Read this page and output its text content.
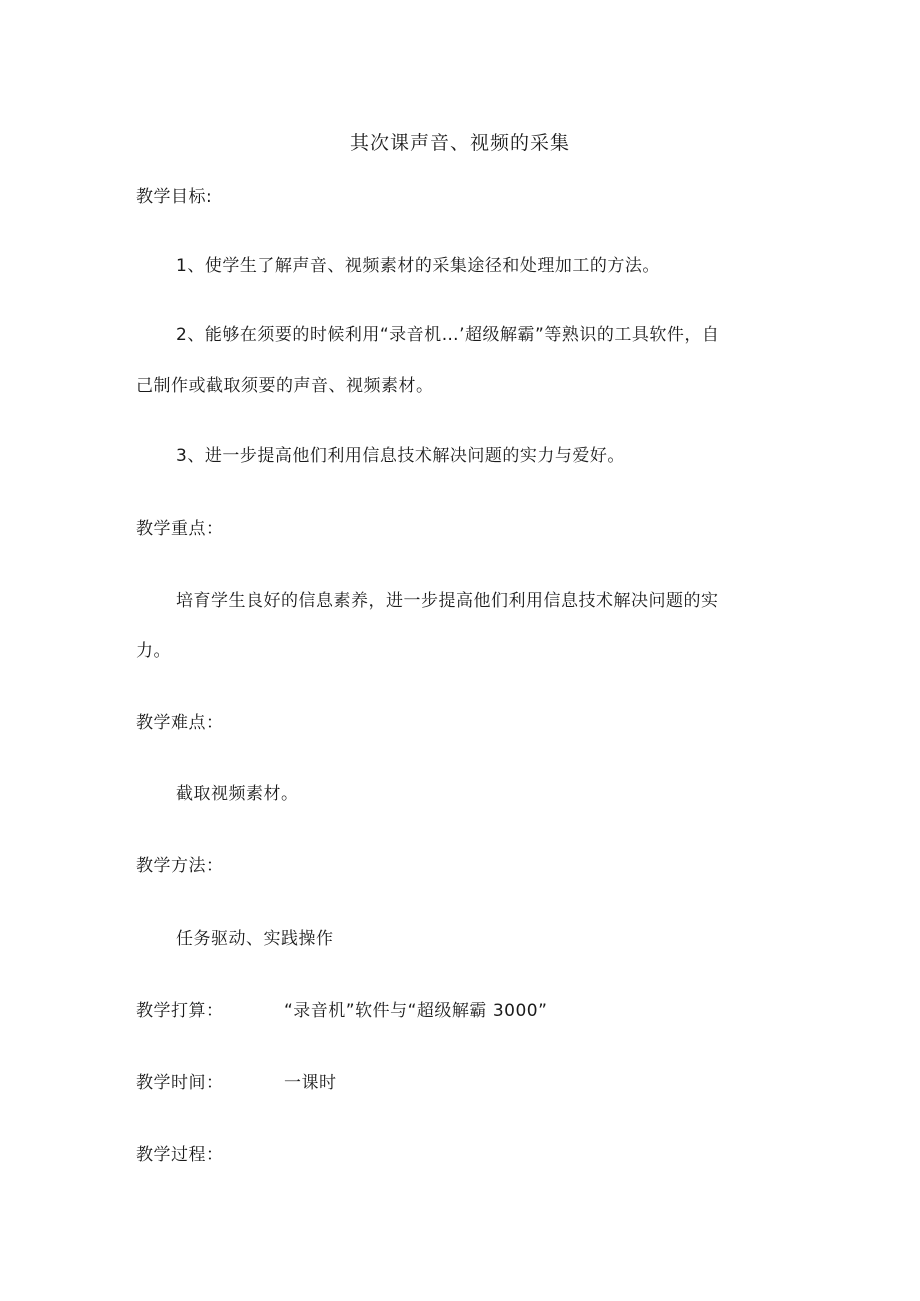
其次课声音、视频的采集
教学目标:
1、使学生了解声音、视频素材的采集途径和处理加工的方法。
2、能够在须要的时候利用“录音机…’超级解霸”等熟识的工具软件，自
己制作或截取须要的声音、视频素材。
3、进一步提高他们利用信息技术解决问题的实力与爱好。
教学重点：
培育学生良好的信息素养，进一步提高他们利用信息技术解决问题的实
力。
教学难点：
截取视频素材。
教学方法：
任务驱动、实践操作
教学打算：	“录音机”软件与“超级解霸 3000”
教学时间：	一课时
教学过程：
